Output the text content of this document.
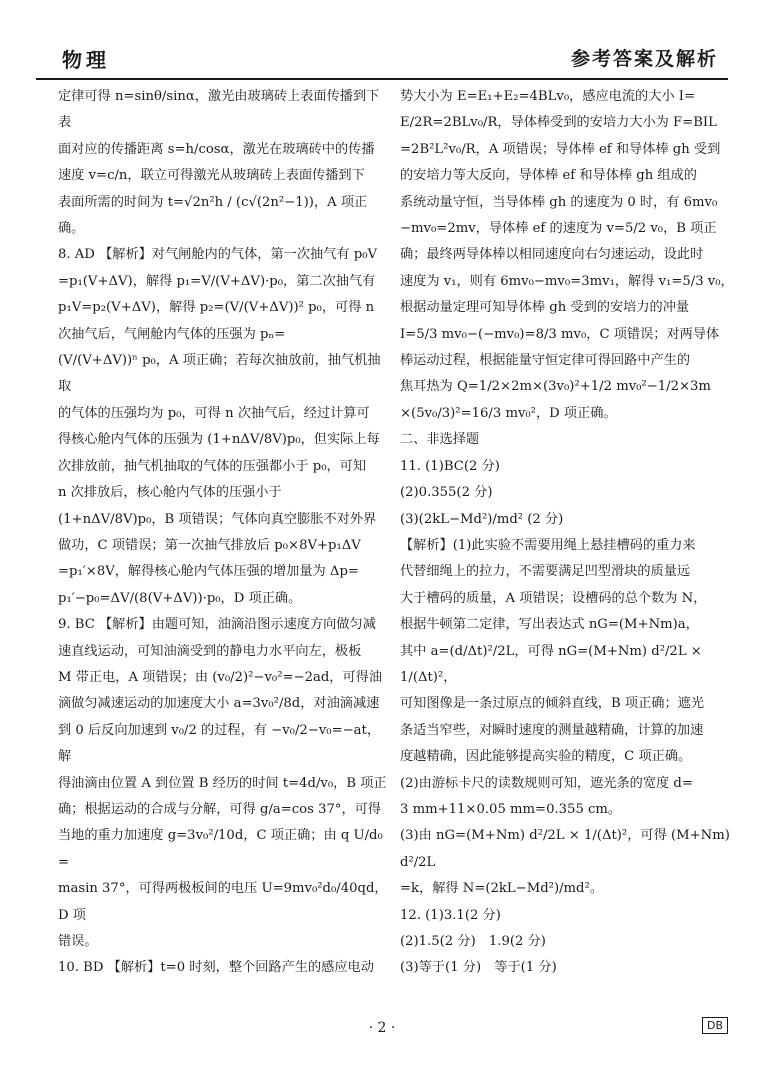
物理	参考答案及解析

定律可得 n=sinθ/sinα，激光由玻璃砖上表面传播到下表

面对应的传播距离 s=h/cosα，激光在玻璃砖中的传播

速度 v=c/n，联立可得激光从玻璃砖上表面传播到下

表面所需的时间为 t=√2n²h / (c√(2n²−1))，A 项正确。

8. AD 【解析】对气闸舱内的气体，第一次抽气有 p₀V

=p₁(V+ΔV)，解得 p₁=V/(V+ΔV)·p₀，第二次抽气有

p₁V=p₂(V+ΔV)，解得 p₂=(V/(V+ΔV))² p₀，可得 n

次抽气后，气闸舱内气体的压强为 pₙ=

(V/(V+ΔV))ⁿ p₀，A 项正确；若每次抽放前，抽气机抽取

的气体的压强均为 p₀，可得 n 次抽气后，经过计算可

得核心舱内气体的压强为 (1+nΔV/8V)p₀，但实际上每

次排放前，抽气机抽取的气体的压强都小于 p₀，可知

n 次排放后，核心舱内气体的压强小于

(1+nΔV/8V)p₀，B 项错误；气体向真空膨胀不对外界

做功，C 项错误；第一次抽气排放后 p₀×8V+p₁ΔV

=p₁′×8V，解得核心舱内气体压强的增加量为 Δp=

p₁′−p₀=ΔV/(8(V+ΔV))·p₀，D 项正确。

9. BC 【解析】由题可知，油滴沿图示速度方向做匀减

速直线运动，可知油滴受到的静电力水平向左，极板

M 带正电，A 项错误；由 (v₀/2)²−v₀²=−2ad，可得油

滴做匀减速运动的加速度大小 a=3v₀²/8d，对油滴减速

到 0 后反向加速到 v₀/2 的过程，有 −v₀/2−v₀=−at，解

得油滴由位置 A 到位置 B 经历的时间 t=4d/v₀，B 项正

确；根据运动的合成与分解，可得 g/a=cos 37°，可得

当地的重力加速度 g=3v₀²/10d，C 项正确；由 q U/d₀ =

masin 37°，可得两极板间的电压 U=9mv₀²d₀/40qd，D 项

错误。

10. BD 【解析】t=0 时刻，整个回路产生的感应电动

势大小为 E=E₁+E₂=4BLv₀，感应电流的大小 I=

E/2R=2BLv₀/R，导体棒受到的安培力大小为 F=BIL

=2B²L²v₀/R，A 项错误；导体棒 ef 和导体棒 gh 受到

的安培力等大反向，导体棒 ef 和导体棒 gh 组成的

系统动量守恒，当导体棒 gh 的速度为 0 时，有 6mv₀

−mv₀=2mv，导体棒 ef 的速度为 v=5/2 v₀，B 项正

确；最终两导体棒以相同速度向右匀速运动，设此时

速度为 v₁，则有 6mv₀−mv₀=3mv₁，解得 v₁=5/3 v₀，

根据动量定理可知导体棒 gh 受到的安培力的冲量

I=5/3 mv₀−(−mv₀)=8/3 mv₀，C 项错误；对两导体

棒运动过程，根据能量守恒定律可得回路中产生的

焦耳热为 Q=1/2×2m×(3v₀)²+1/2 mv₀²−1/2×3m

×(5v₀/3)²=16/3 mv₀²，D 项正确。

二、非选择题

11. (1)BC(2 分)

(2)0.355(2 分)

(3)(2kL−Md²)/md² (2 分)

【解析】(1)此实验不需要用绳上悬挂槽码的重力来

代替细绳上的拉力，不需要满足凹型滑块的质量远

大于槽码的质量，A 项错误；设槽码的总个数为 N，

根据牛顿第二定律，写出表达式 nG=(M+Nm)a，

其中 a=(d/Δt)²/2L，可得 nG=(M+Nm) d²/2L × 1/(Δt)²，

可知图像是一条过原点的倾斜直线，B 项正确；遮光

条适当窄些，对瞬时速度的测量越精确，计算的加速

度越精确，因此能够提高实验的精度，C 项正确。

(2)由游标卡尺的读数规则可知，遮光条的宽度 d=

3 mm+11×0.05 mm=0.355 cm。

(3)由 nG=(M+Nm) d²/2L × 1/(Δt)²，可得 (M+Nm) d²/2L

=k，解得 N=(2kL−Md²)/md²。

12. (1)3.1(2 分)

(2)1.5(2 分)　1.9(2 分)

(3)等于(1 分)　等于(1 分)

· 2 ·	DB
